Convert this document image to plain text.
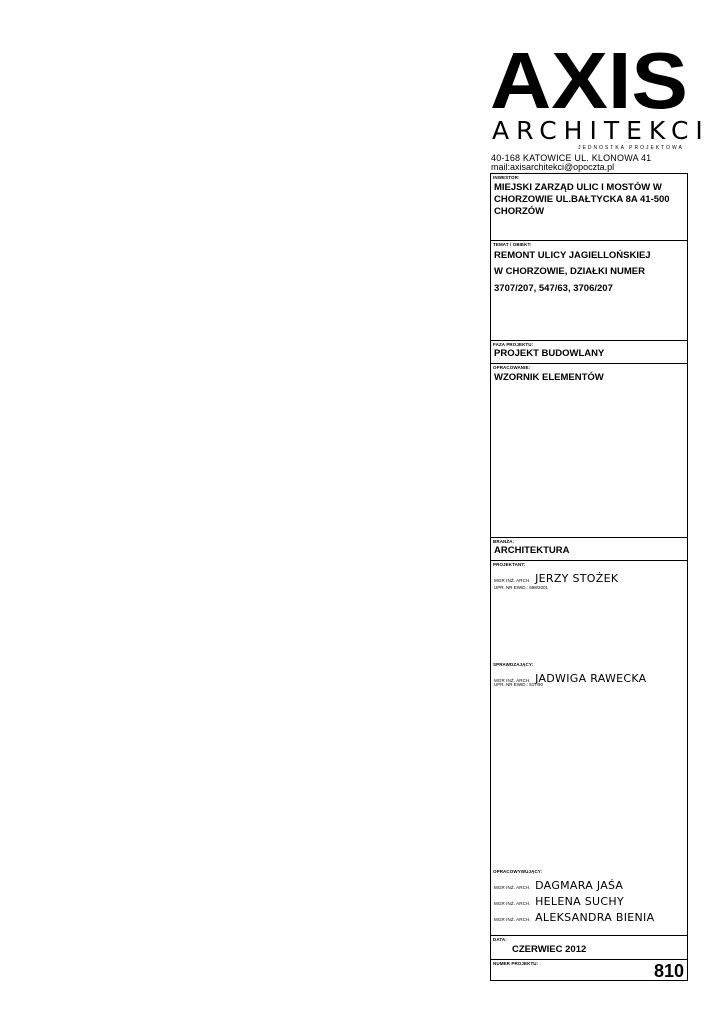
AXIS
ARCHITEKCI
JEDNOSTKA PROJEKTOWA
40-168 KATOWICE UL. KLONOWA 41
mail:axisarchitekci@opoczta.pl
INWESTOR:
MIEJSKI ZARZĄD ULIC I MOSTÓW W
CHORZOWIE UL.BAŁTYCKA 8A 41-500
CHORZÓW
TEMAT / OBIEKT:
REMONT ULICY JAGIELLOŃSKIEJ
W CHORZOWIE, DZIAŁKI NUMER
3707/207, 547/63, 3706/207
FAZA PROJEKTU:
PROJEKT BUDOWLANY
OPRACOWANIE:
WZORNIK ELEMENTÓW
BRANŻA:
ARCHITEKTURA
PROJEKTANT:
MGR INŻ. ARCH. JERZY STOŻEK
UPR. NR EWID.: 698/2001
SPRAWDZAJĄCY:
MGR INŻ. ARCH. JADWIGA RAWECKA
UPR. NR EWID.: 517/90
OPRACOWYWUJĄCY:
MGR INŻ. ARCH. DAGMARA JAŚA
MGR INŻ. ARCH. HELENA SUCHY
MGR INŻ. ARCH. ALEKSANDRA BIENIA
DATA:
CZERWIEC 2012
NUMER PROJEKTU:	810
